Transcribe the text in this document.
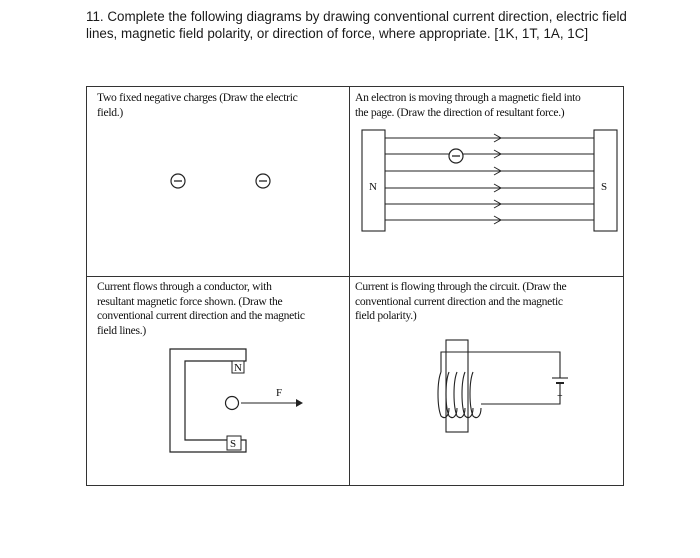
11. Complete the following diagrams by drawing conventional current direction, electric field
lines, magnetic field polarity, or direction of force, where appropriate. [1K, 1T, 1A, 1C]
Two fixed negative charges (Draw the electric
field.)
An electron is moving through a magnetic field into
the page. (Draw the direction of resultant force.)
Current flows through a conductor, with
resultant magnetic force shown. (Draw the
conventional current direction and the magnetic
field lines.)
Current is flowing through the circuit. (Draw the
conventional current direction and the magnetic
field polarity.)
N	S
N
S
F	+
